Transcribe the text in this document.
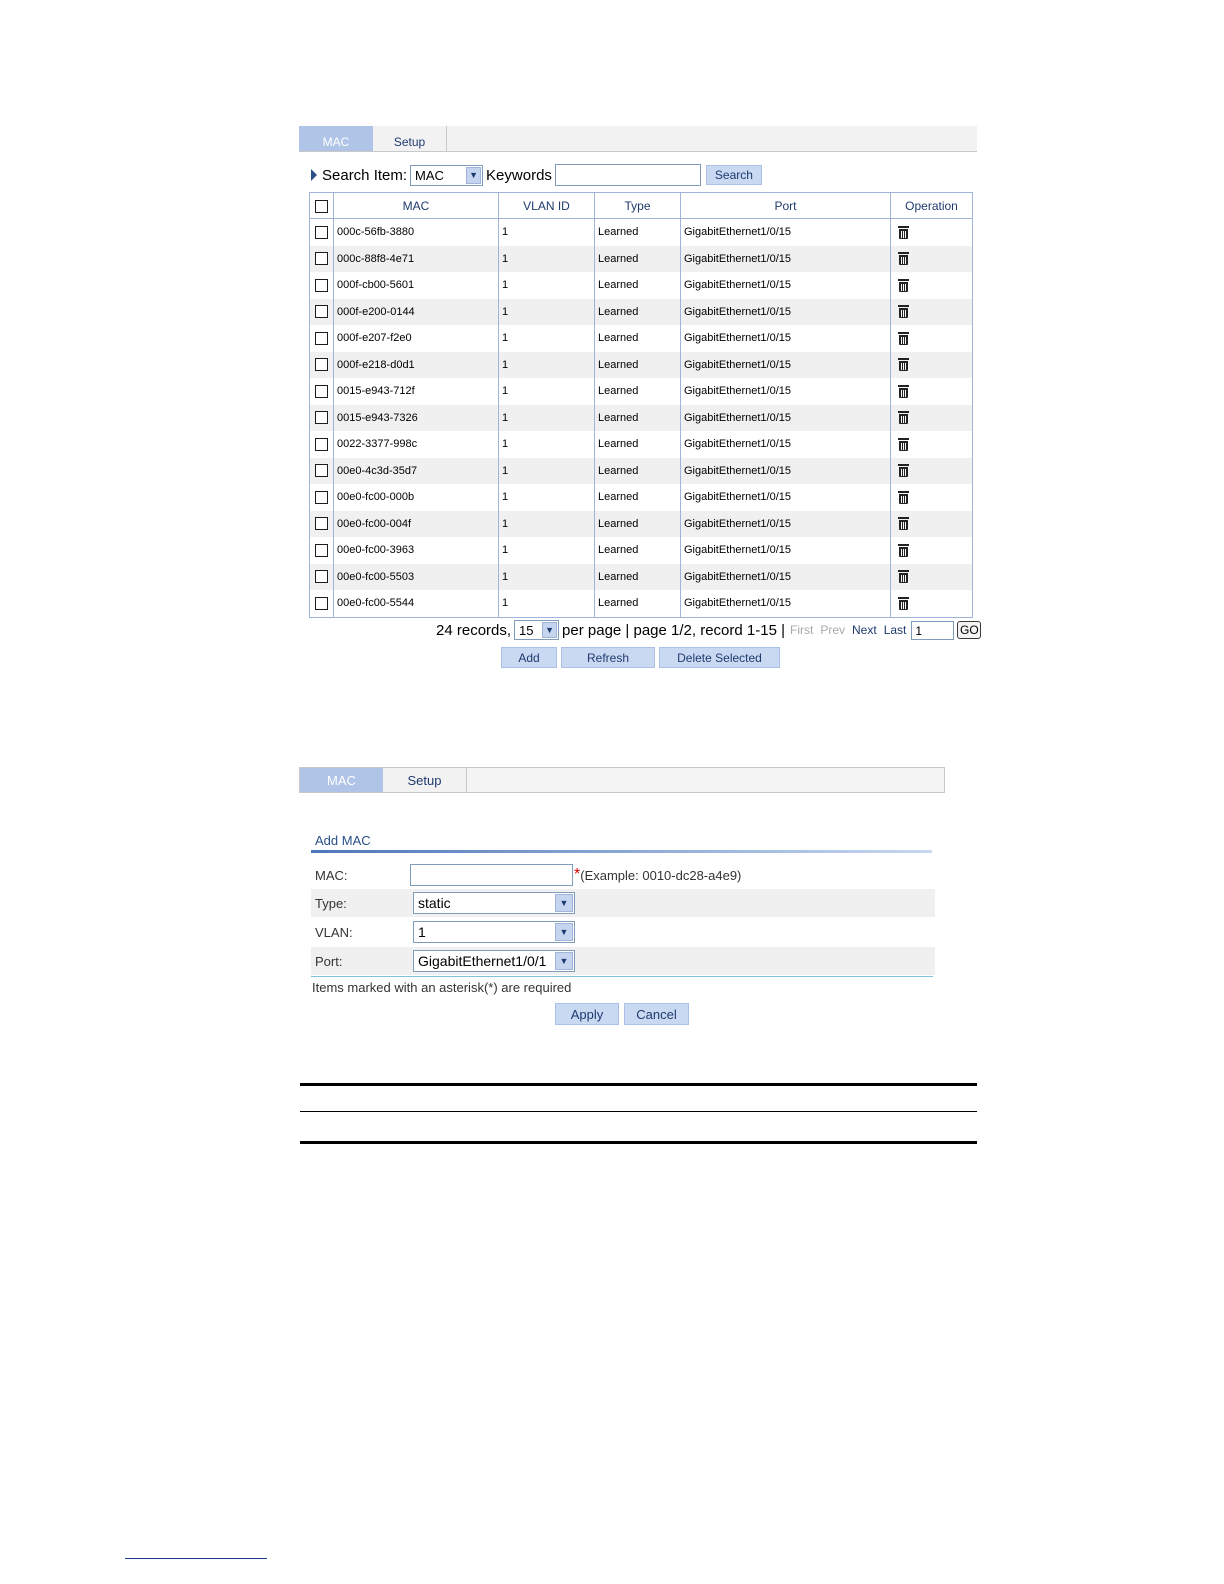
MAC	Setup
Search Item: MAC	▼ Keywords	Search
	MAC	VLAN ID	Type	Port	Operation
	000c-56fb-3880	1	Learned	GigabitEthernet1/0/15	

	000c-88f8-4e71	1	Learned	GigabitEthernet1/0/15	

	000f-cb00-5601	1	Learned	GigabitEthernet1/0/15	

	000f-e200-0144	1	Learned	GigabitEthernet1/0/15	

	000f-e207-f2e0	1	Learned	GigabitEthernet1/0/15	

	000f-e218-d0d1	1	Learned	GigabitEthernet1/0/15	

	0015-e943-712f	1	Learned	GigabitEthernet1/0/15	

	0015-e943-7326	1	Learned	GigabitEthernet1/0/15	

	0022-3377-998c	1	Learned	GigabitEthernet1/0/15	

	00e0-4c3d-35d7	1	Learned	GigabitEthernet1/0/15	

	00e0-fc00-000b	1	Learned	GigabitEthernet1/0/15	

	00e0-fc00-004f	1	Learned	GigabitEthernet1/0/15	

	00e0-fc00-3963	1	Learned	GigabitEthernet1/0/15	

	00e0-fc00-5503	1	Learned	GigabitEthernet1/0/15	

	00e0-fc00-5544	1	Learned	GigabitEthernet1/0/15	
24 records, 15	▼ per page | page 1/2, record 1-15 | First Prev Next Last 1	GO
Add	Refresh	Delete Selected
MAC	Setup
Add MAC
MAC:	* (Example: 0010-dc28-a4e9)
Type:	static	▼
VLAN:	1	▼
Port:	GigabitEthernet1/0/1	▼
Items marked with an asterisk(*) are required
Apply	Cancel
